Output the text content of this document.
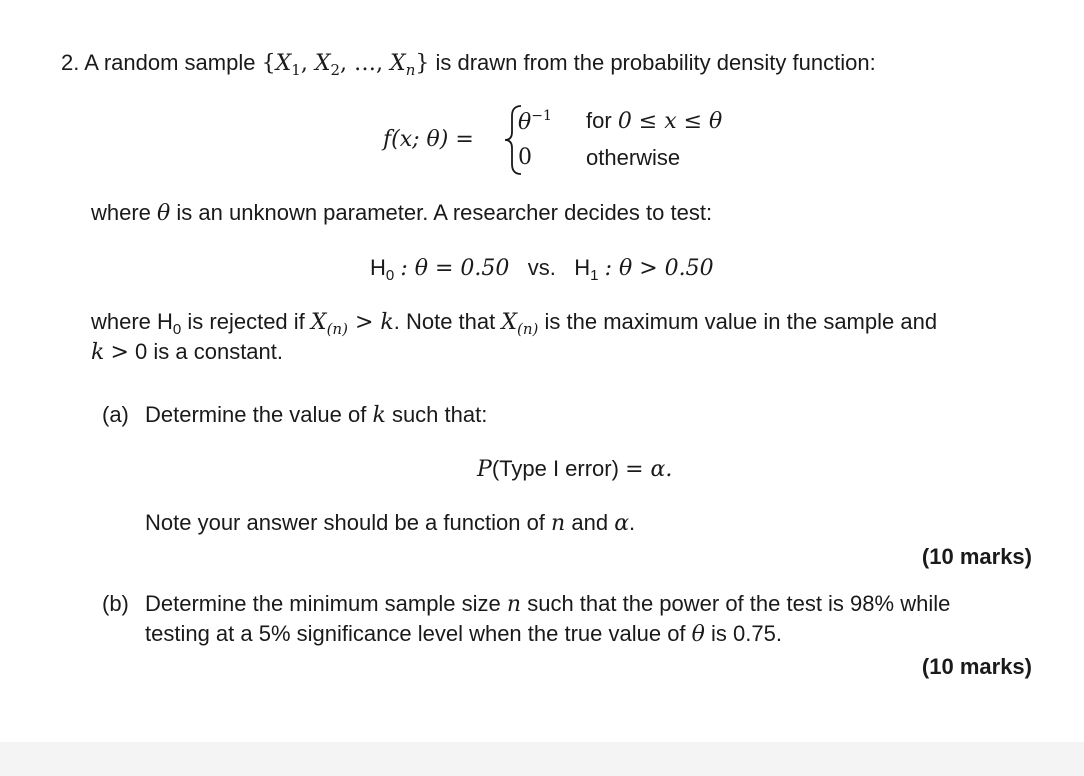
2. A random sample {$X_1$, $X_2$, …, $X_n$} is drawn from the probability density function:
f(x; θ) =
$\theta^{-1}$ for 0 ≤ x ≤ θ
0 otherwise
where θ is an unknown parameter. A researcher decides to test:
$H_0$ : θ = 0.50 vs. $H_1$ : θ > 0.50
where $H_0$ is rejected if $X_{(n)} > k$. Note that $X_{(n)}$ is the maximum value in the sample and
k > 0 is a constant.
(a) Determine the value of k such that:
P(Type I error) = α.
Note your answer should be a function of n and α.
(10 marks)
(b) Determine the minimum sample size n such that the power of the test is 98% while
testing at a 5% significance level when the true value of θ is 0.75.
(10 marks)
